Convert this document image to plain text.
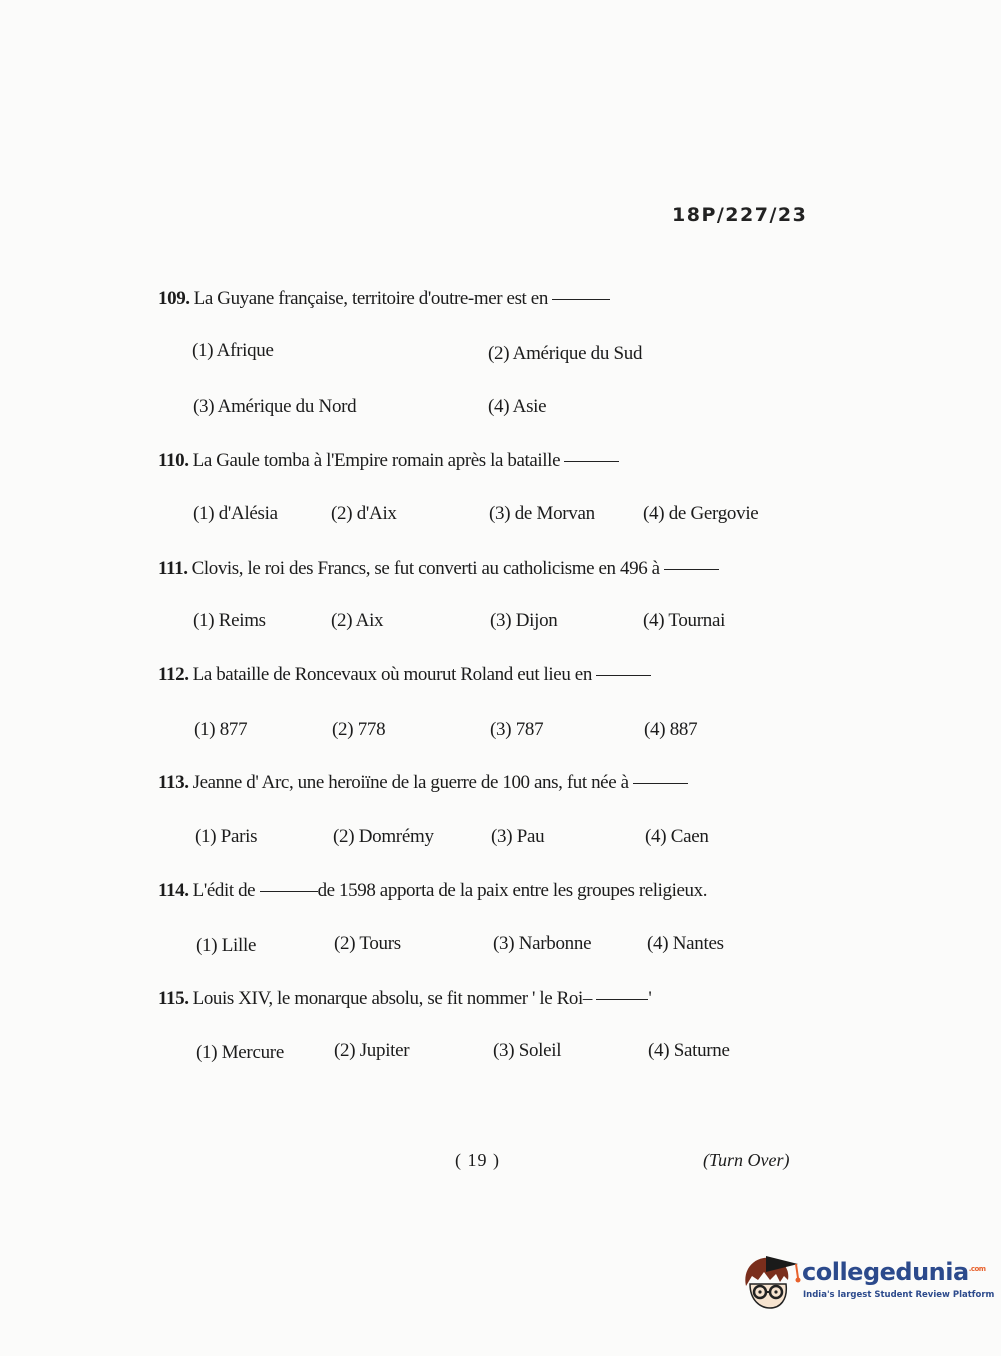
18P/227/23
109. La Guyane française, territoire d'outre-mer est en
(1) Afrique	(2) Amérique du Sud
(3) Amérique du Nord	(4) Asie
110. La Gaule tomba à l'Empire romain après la bataille
(1) d'Alésia	(2) d'Aix	(3) de Morvan	(4) de Gergovie
111. Clovis, le roi des Francs, se fut converti au catholicisme en 496 à
(1) Reims	(2) Aix	(3) Dijon	(4) Tournai
112. La bataille de Roncevaux où mourut Roland eut lieu en
(1) 877	(2) 778	(3) 787	(4) 887
113. Jeanne d' Arc, une heroiïne de la guerre de 100 ans, fut née à
(1) Paris	(2) Domrémy	(3) Pau	(4) Caen
114. L'édit de	de 1598 apporta de la paix entre les groupes religieux.
(1) Lille	(2) Tours	(3) Narbonne	(4) Nantes
115. Louis XIV, le monarque absolu, se fit nommer ' le Roi–	'
(1) Mercure	(2) Jupiter	(3) Soleil	(4) Saturne
( 19 )	(Turn Over)
collegedunia$^{.com}$
India's largest Student Review Platform
